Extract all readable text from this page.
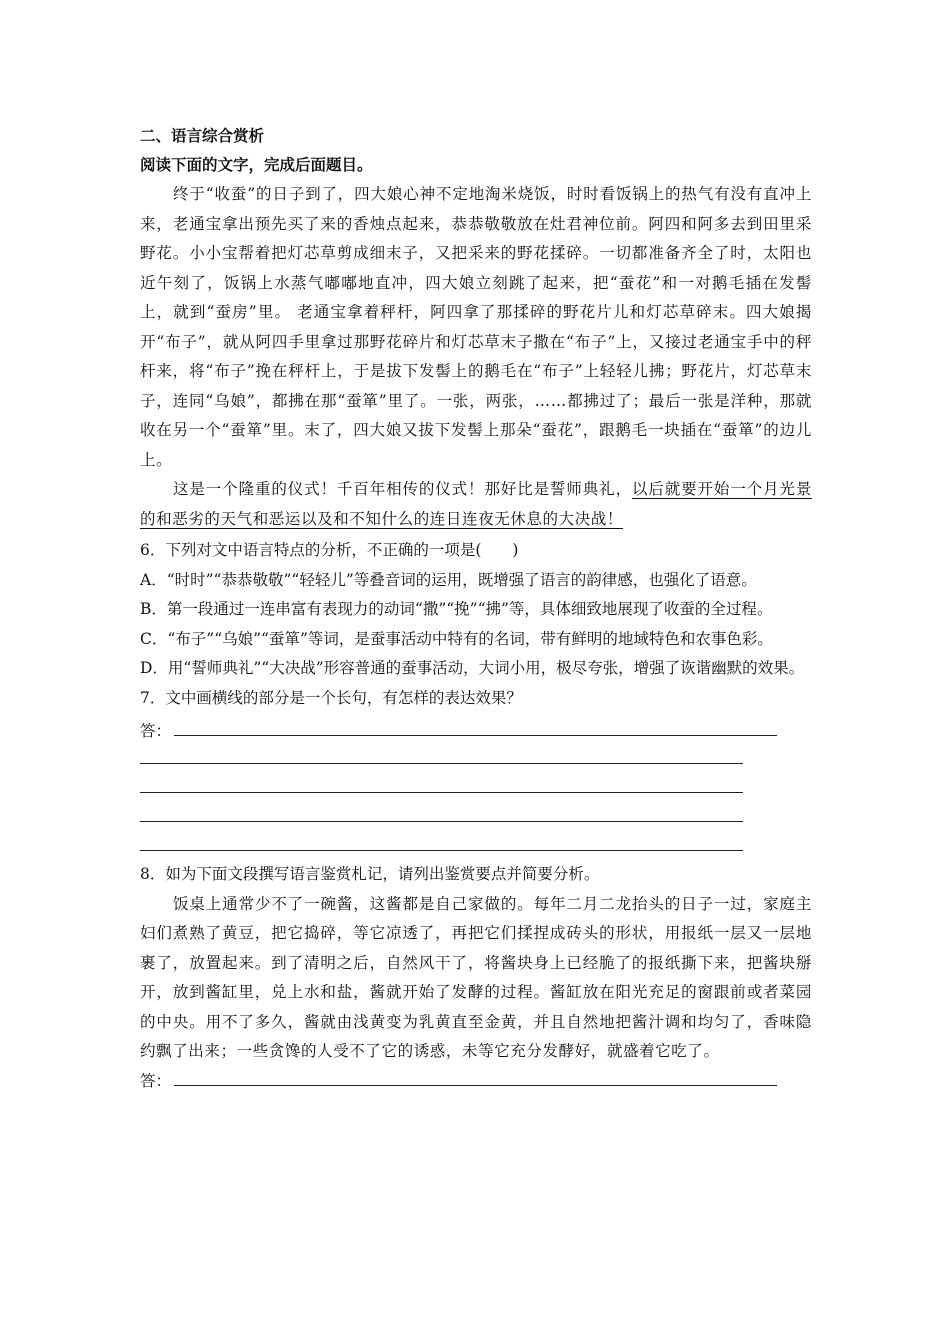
二、语言综合赏析
阅读下面的文字，完成后面题目。
终于“收蚕”的日子到了，四大娘心神不定地淘米烧饭，时时看饭锅上的热气有没有直冲上来，老通宝拿出预先买了来的香烛点起来，恭恭敬敬放在灶君神位前。阿四和阿多去到田里采野花。小小宝帮着把灯芯草剪成细末子，又把采来的野花揉碎。一切都准备齐全了时，太阳也近午刻了，饭锅上水蒸气嘟嘟地直冲，四大娘立刻跳了起来，把“蚕花”和一对鹅毛插在发髻上，就到“蚕房”里。 老通宝拿着秤杆，阿四拿了那揉碎的野花片儿和灯芯草碎末。四大娘揭开“布子”，就从阿四手里拿过那野花碎片和灯芯草末子撒在“布子”上，又接过老通宝手中的秤杆来，将“布子”挽在秤杆上，于是拔下发髻上的鹅毛在“布子”上轻轻儿拂；野花片，灯芯草末子，连同“乌娘”，都拂在那“蚕箪”里了。一张，两张，……都拂过了；最后一张是洋种，那就收在另一个“蚕箪”里。末了，四大娘又拔下发髻上那朵“蚕花”，跟鹅毛一块插在“蚕箪”的边儿上。
这是一个隆重的仪式！千百年相传的仪式！那好比是誓师典礼，以后就要开始一个月光景的和恶劣的天气和恶运以及和不知什么的连日连夜无休息的大决战！
6．下列对文中语言特点的分析，不正确的一项是(　　)
A．“时时”“恭恭敬敬”“轻轻儿”等叠音词的运用，既增强了语言的韵律感，也强化了语意。
B．第一段通过一连串富有表现力的动词“撒”“挽”“拂”等，具体细致地展现了收蚕的全过程。
C．“布子”“乌娘”“蚕箪”等词，是蚕事活动中特有的名词，带有鲜明的地域特色和农事色彩。
D．用“誓师典礼”“大决战”形容普通的蚕事活动，大词小用，极尽夸张，增强了诙谐幽默的效果。
7．文中画横线的部分是一个长句，有怎样的表达效果？
答：
8．如为下面文段撰写语言鉴赏札记，请列出鉴赏要点并简要分析。
饭桌上通常少不了一碗酱，这酱都是自己家做的。每年二月二龙抬头的日子一过，家庭主妇们煮熟了黄豆，把它捣碎，等它凉透了，再把它们揉捏成砖头的形状，用报纸一层又一层地裹了，放置起来。到了清明之后，自然风干了，将酱块身上已经脆了的报纸撕下来，把酱块掰开，放到酱缸里，兑上水和盐，酱就开始了发酵的过程。酱缸放在阳光充足的窗跟前或者菜园的中央。用不了多久，酱就由浅黄变为乳黄直至金黄，并且自然地把酱汁调和均匀了，香味隐约飘了出来；一些贪馋的人受不了它的诱惑，未等它充分发酵好，就盛着它吃了。
答：
